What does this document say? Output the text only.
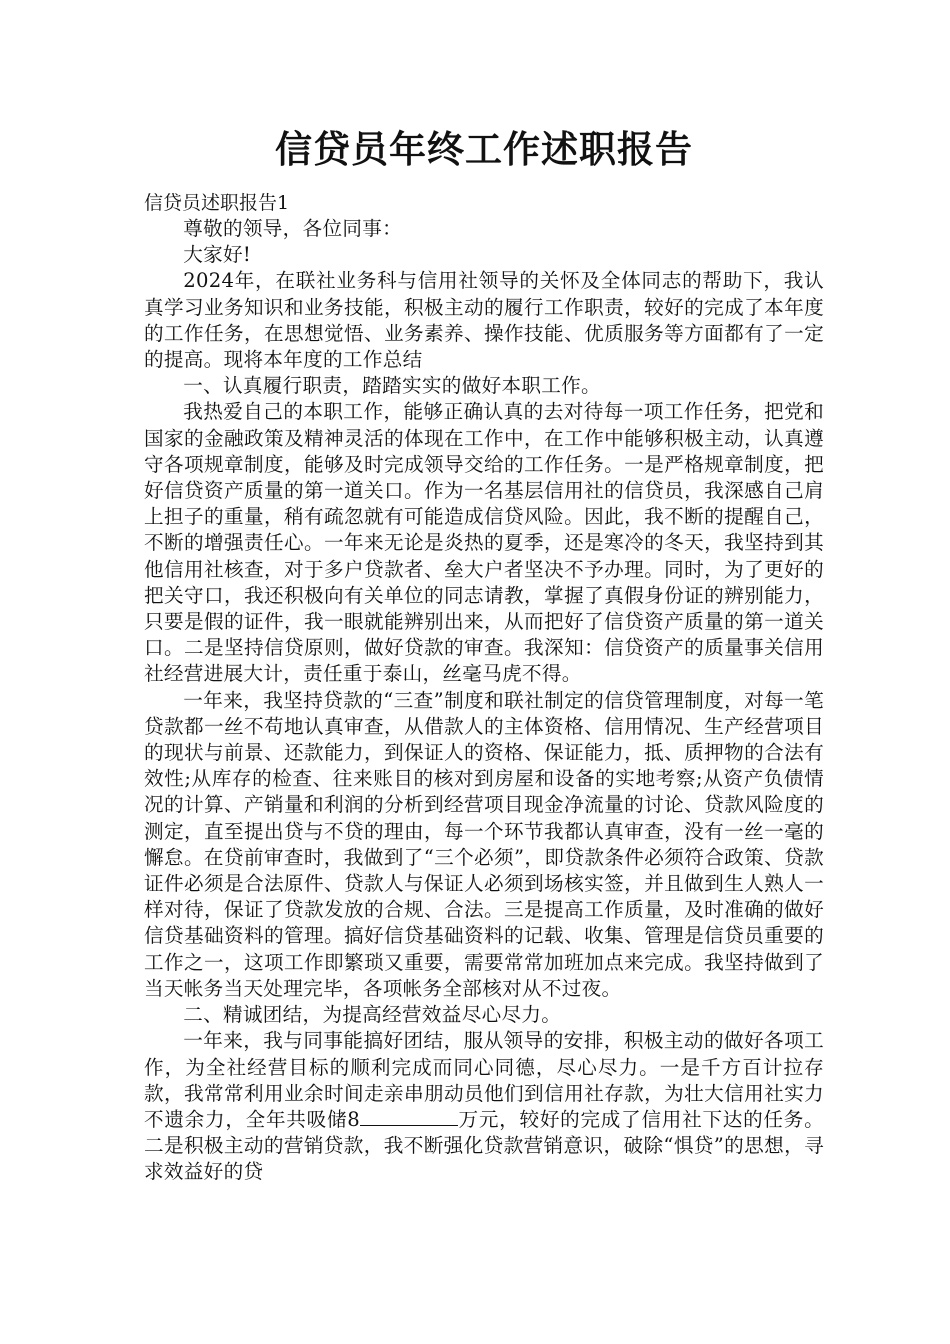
信贷员年终工作述职报告

信贷员述职报告1

尊敬的领导，各位同事：

大家好!

2024年，在联社业务科与信用社领导的关怀及全体同志的帮助下，我认真学习业务知识和业务技能，积极主动的履行工作职责，较好的完成了本年度的工作任务，在思想觉悟、业务素养、操作技能、优质服务等方面都有了一定的提高。现将本年度的工作总结

一、认真履行职责，踏踏实实的做好本职工作。

我热爱自己的本职工作，能够正确认真的去对待每一项工作任务，把党和国家的金融政策及精神灵活的体现在工作中，在工作中能够积极主动，认真遵守各项规章制度，能够及时完成领导交给的工作任务。一是严格规章制度，把好信贷资产质量的第一道关口。作为一名基层信用社的信贷员，我深感自己肩上担子的重量，稍有疏忽就有可能造成信贷风险。因此，我不断的提醒自己，不断的增强责任心。一年来无论是炎热的夏季，还是寒冷的冬天，我坚持到其他信用社核查，对于多户贷款者、垒大户者坚决不予办理。同时，为了更好的把关守口，我还积极向有关单位的同志请教，掌握了真假身份证的辨别能力，只要是假的证件，我一眼就能辨别出来，从而把好了信贷资产质量的第一道关口。二是坚持信贷原则，做好贷款的审查。我深知：信贷资产的质量事关信用社经营进展大计，责任重于泰山，丝毫马虎不得。

一年来，我坚持贷款的“三查”制度和联社制定的信贷管理制度，对每一笔贷款都一丝不苟地认真审查，从借款人的主体资格、信用情况、生产经营项目的现状与前景、还款能力，到保证人的资格、保证能力，抵、质押物的合法有效性;从库存的检查、往来账目的核对到房屋和设备的实地考察;从资产负债情况的计算、产销量和利润的分析到经营项目现金净流量的讨论、贷款风险度的测定，直至提出贷与不贷的理由，每一个环节我都认真审查，没有一丝一毫的懈怠。在贷前审查时，我做到了“三个必须”，即贷款条件必须符合政策、贷款证件必须是合法原件、贷款人与保证人必须到场核实签，并且做到生人熟人一样对待，保证了贷款发放的合规、合法。三是提高工作质量，及时准确的做好信贷基础资料的管理。搞好信贷基础资料的记载、收集、管理是信贷员重要的工作之一，这项工作即繁琐又重要，需要常常加班加点来完成。我坚持做到了当天帐务当天处理完毕，各项帐务全部核对从不过夜。

二、精诚团结，为提高经营效益尽心尽力。

一年来，我与同事能搞好团结，服从领导的安排，积极主动的做好各项工作，为全社经营目标的顺利完成而同心同德，尽心尽力。一是千方百计拉存款，我常常利用业余时间走亲串朋动员他们到信用社存款，为壮大信用社实力不遗余力，全年共吸储8	万元，较好的完成了信用社下达的任务。二是积极主动的营销贷款，我不断强化贷款营销意识，破除“惧贷”的思想，寻求效益好的贷
